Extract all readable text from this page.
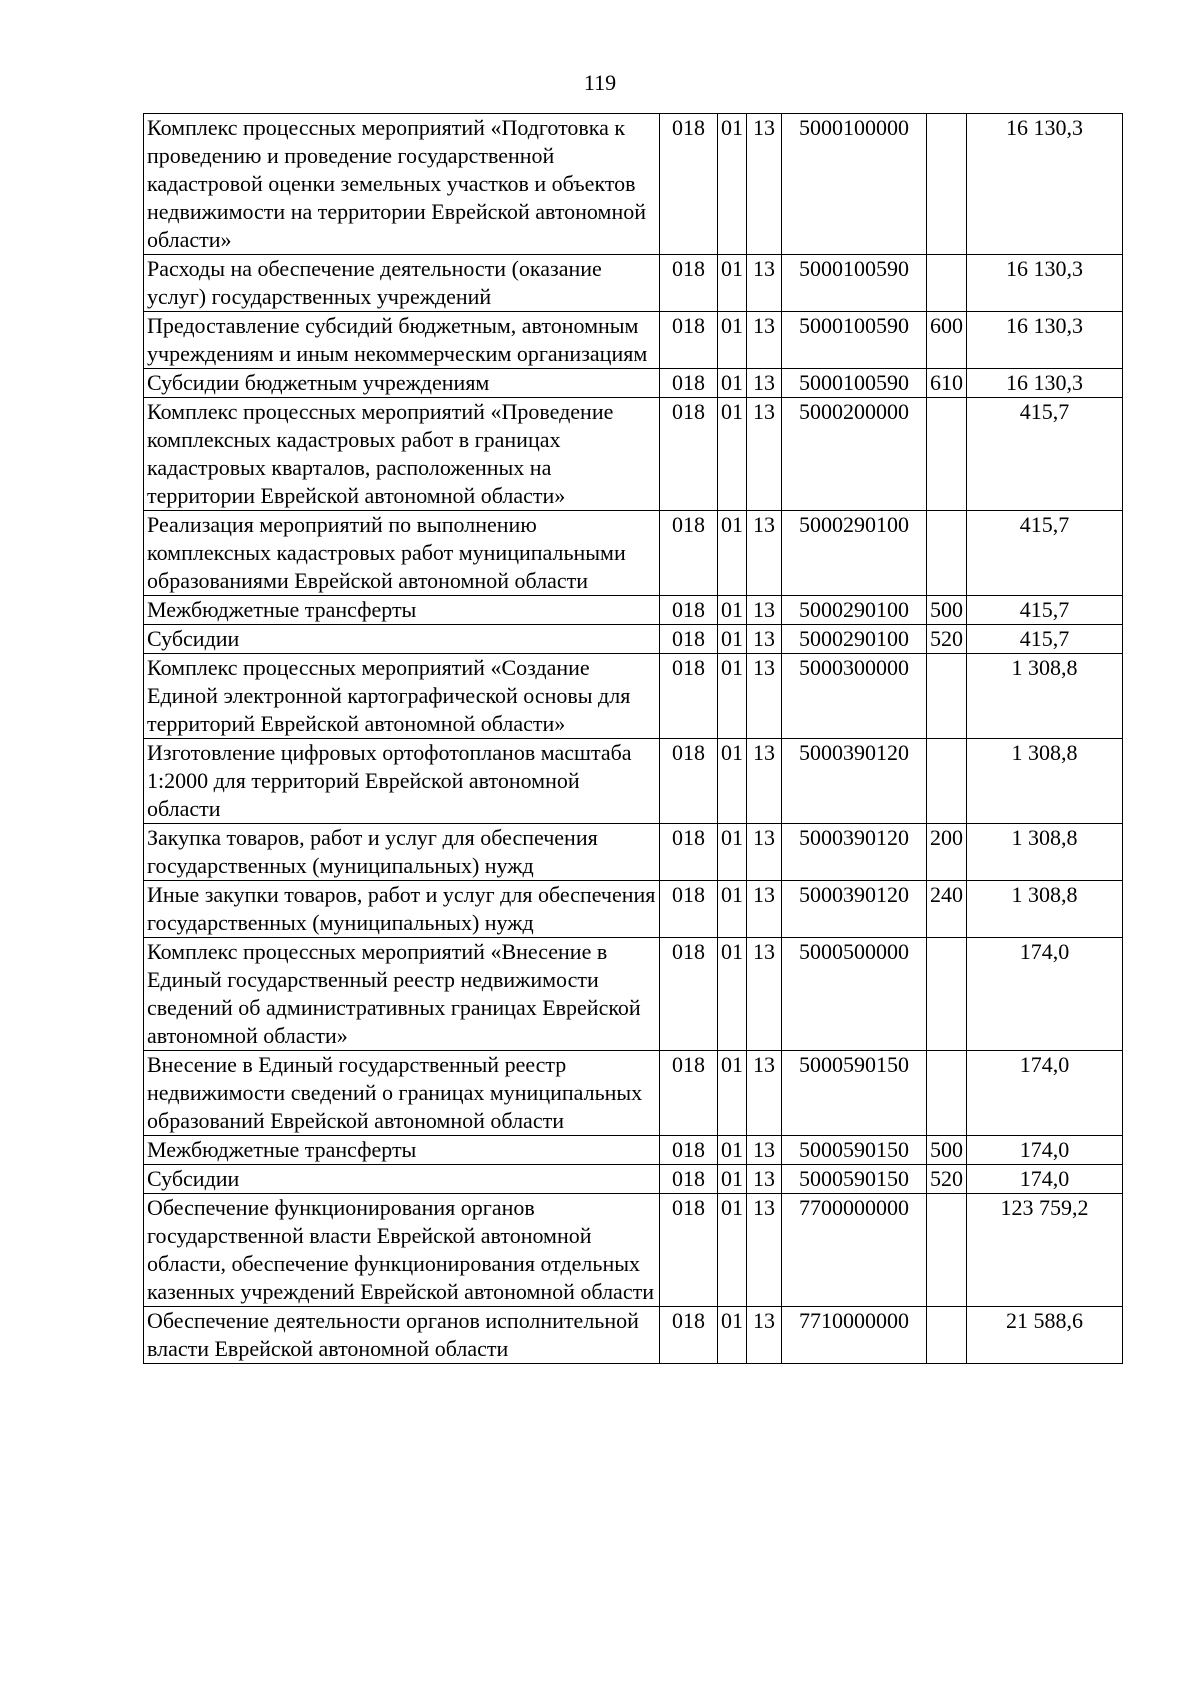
119
Комплекс процессных мероприятий «Подготовка к проведению и проведение государственной кадастровой оценки земельных участков и объектов недвижимости на территории Еврейской автономной области»	018	01	13	5000100000		16 130,3
Расходы на обеспечение деятельности (оказание услуг) государственных учреждений	018	01	13	5000100590		16 130,3
Предоставление субсидий бюджетным, автономным учреждениям и иным некоммерческим организациям	018	01	13	5000100590	600	16 130,3
Субсидии бюджетным учреждениям	018	01	13	5000100590	610	16 130,3
Комплекс процессных мероприятий «Проведение комплексных кадастровых работ в границах кадастровых кварталов, расположенных на территории Еврейской автономной области»	018	01	13	5000200000		415,7
Реализация мероприятий по выполнению комплексных кадастровых работ муниципальными образованиями Еврейской автономной области	018	01	13	5000290100		415,7
Межбюджетные трансферты	018	01	13	5000290100	500	415,7
Субсидии	018	01	13	5000290100	520	415,7
Комплекс процессных мероприятий «Создание Единой электронной картографической основы для территорий Еврейской автономной области»	018	01	13	5000300000		1 308,8
Изготовление цифровых ортофотопланов масштаба 1:2000 для территорий Еврейской автономной области	018	01	13	5000390120		1 308,8
Закупка товаров, работ и услуг для обеспечения государственных (муниципальных) нужд	018	01	13	5000390120	200	1 308,8
Иные закупки товаров, работ и услуг для обеспечения государственных (муниципальных) нужд	018	01	13	5000390120	240	1 308,8
Комплекс процессных мероприятий «Внесение в Единый государственный реестр недвижимости сведений об административных границах Еврейской автономной области»	018	01	13	5000500000		174,0
Внесение в Единый государственный реестр недвижимости сведений о границах муниципальных образований Еврейской автономной области	018	01	13	5000590150		174,0
Межбюджетные трансферты	018	01	13	5000590150	500	174,0
Субсидии	018	01	13	5000590150	520	174,0
Обеспечение функционирования органов государственной власти Еврейской автономной области, обеспечение функционирования отдельных казенных учреждений Еврейской автономной области	018	01	13	7700000000		123 759,2
Обеспечение деятельности органов исполнительной власти Еврейской автономной области	018	01	13	7710000000		21 588,6
